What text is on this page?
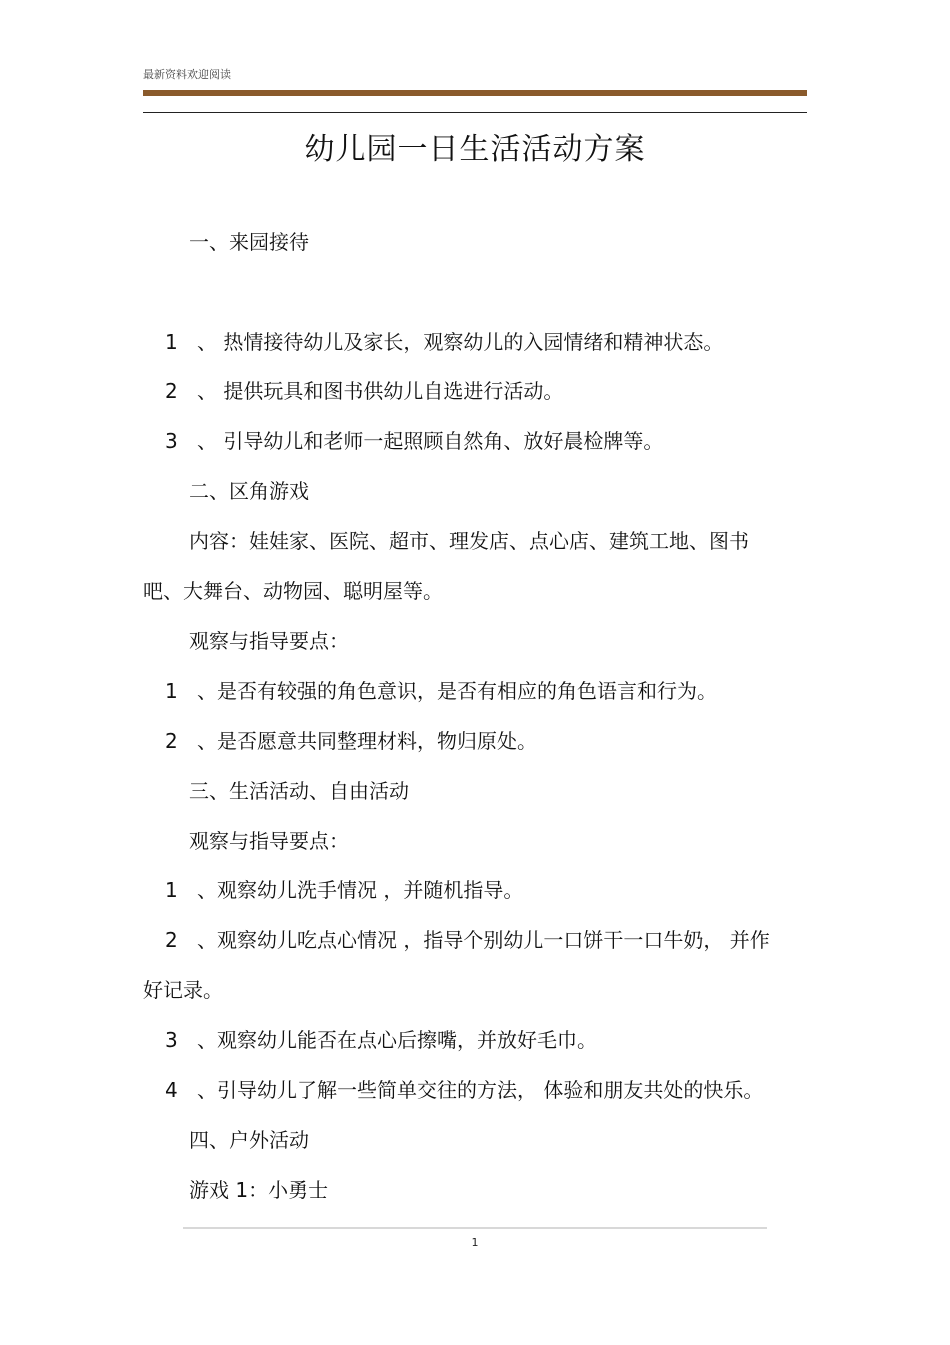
最新资料欢迎阅读
幼儿园一日生活活动方案
一、来园接待
1 、 热情接待幼儿及家长，观察幼儿的入园情绪和精神状态。
2 、 提供玩具和图书供幼儿自选进行活动。
3 、 引导幼儿和老师一起照顾自然角、放好晨检牌等。
二、区角游戏
内容：娃娃家、医院、超市、理发店、点心店、建筑工地、图书
吧、大舞台、动物园、聪明屋等。
观察与指导要点：
1 、是否有较强的角色意识，是否有相应的角色语言和行为。
2 、是否愿意共同整理材料，物归原处。
三、生活活动、自由活动
观察与指导要点：
1 、观察幼儿洗手情况 ，并随机指导。
2 、观察幼儿吃点心情况 ，指导个别幼儿一口饼干一口牛奶， 并作
好记录。
3 、观察幼儿能否在点心后擦嘴，并放好毛巾。
4 、引导幼儿了解一些简单交往的方法， 体验和朋友共处的快乐。
四、户外活动
游戏 1：小勇士
1
